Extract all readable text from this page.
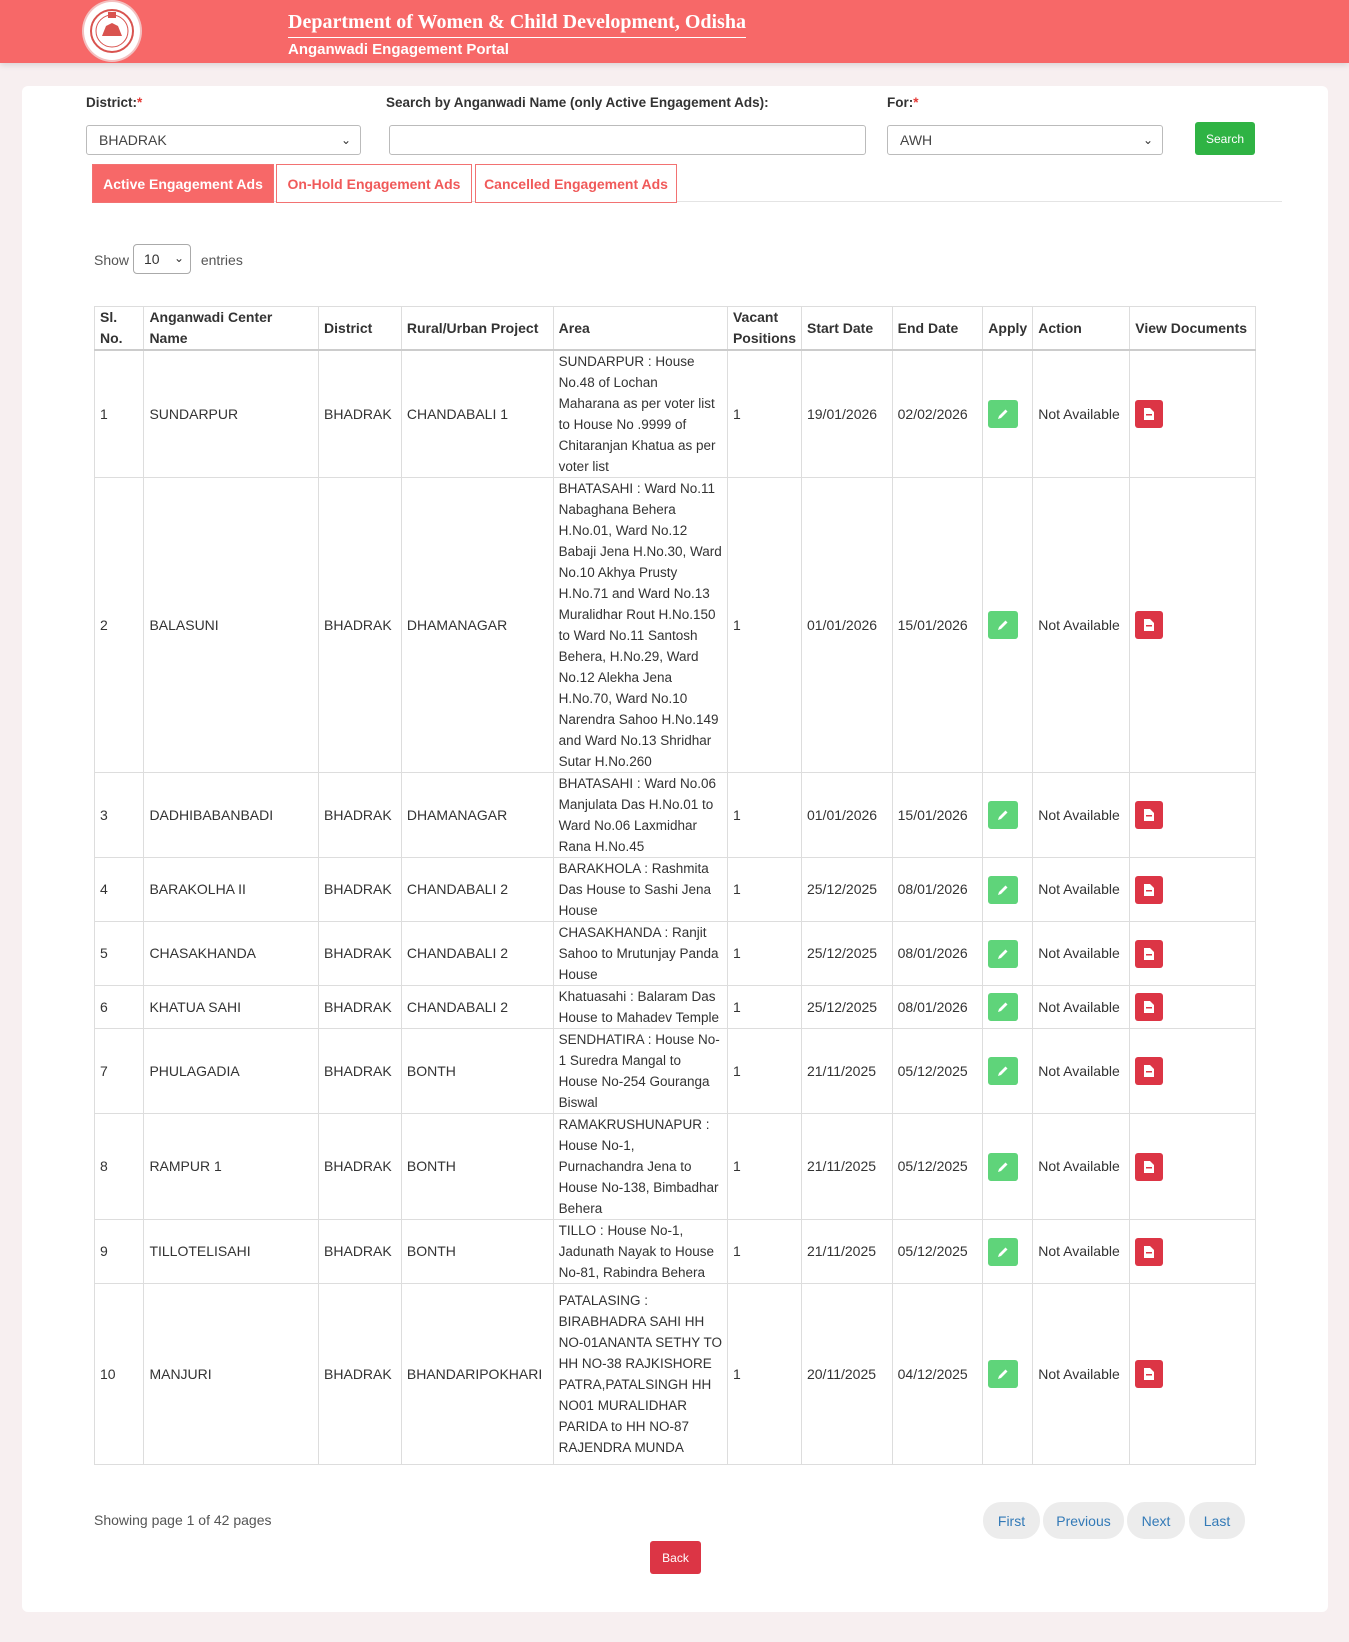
Department of Women & Child Development, Odisha
Anganwadi Engagement Portal
District:*
BHADRAK	⌄
Search by Anganwadi Name (only Active Engagement Ads):	For:*
AWH	⌄	Search
Active Engagement Ads	On-Hold Engagement Ads	Cancelled Engagement Ads
Show	entries
10 ⌄
Sl. No.	Anganwadi Center Name	District	Rural/Urban Project	Area	Vacant Positions	Start Date	End Date	Apply	Action	View Documents
1	SUNDARPUR	BHADRAK	CHANDABALI 1	SUNDARPUR : House No.48 of Lochan Maharana as per voter list to House No .9999 of Chitaranjan Khatua as per voter list	1	19/01/2026	02/02/2026		Not Available	

2	BALASUNI	BHADRAK	DHAMANAGAR	BHATASAHI : Ward No.11 Nabaghana Behera H.No.01, Ward No.12 Babaji Jena H.No.30, Ward No.10 Akhya Prusty H.No.71 and Ward No.13 Muralidhar Rout H.No.150 to Ward No.11 Santosh Behera, H.No.29, Ward No.12 Alekha Jena H.No.70, Ward No.10 Narendra Sahoo H.No.149 and Ward No.13 Shridhar Sutar H.No.260	1	01/01/2026	15/01/2026		Not Available	

3	DADHIBABANBADI	BHADRAK	DHAMANAGAR	BHATASAHI : Ward No.06 Manjulata Das H.No.01 to Ward No.06 Laxmidhar Rana H.No.45	1	01/01/2026	15/01/2026		Not Available	

4	BARAKOLHA II	BHADRAK	CHANDABALI 2	BARAKHOLA : Rashmita Das House to Sashi Jena House	1	25/12/2025	08/01/2026		Not Available	

5	CHASAKHANDA	BHADRAK	CHANDABALI 2	CHASAKHANDA : Ranjit Sahoo to Mrutunjay Panda House	1	25/12/2025	08/01/2026		Not Available	

6	KHATUA SAHI	BHADRAK	CHANDABALI 2	Khatuasahi : Balaram Das House to Mahadev Temple	1	25/12/2025	08/01/2026		Not Available	

7	PHULAGADIA	BHADRAK	BONTH	SENDHATIRA : House No-1 Suredra Mangal to House No-254 Gouranga Biswal	1	21/11/2025	05/12/2025		Not Available	

8	RAMPUR 1	BHADRAK	BONTH	RAMAKRUSHUNAPUR : House No-1, Purnachandra Jena to House No-138, Bimbadhar Behera	1	21/11/2025	05/12/2025		Not Available	

9	TILLOTELISAHI	BHADRAK	BONTH	TILLO : House No-1, Jadunath Nayak to House No-81, Rabindra Behera	1	21/11/2025	05/12/2025		Not Available	

10	MANJURI	BHADRAK	BHANDARIPOKHARI	PATALASING : BIRABHADRA SAHI HH NO-01ANANTA SETHY TO HH NO-38 RAJKISHORE PATRA,PATALSINGH HH NO01 MURALIDHAR PARIDA to HH NO-87 RAJENDRA MUNDA	1	20/11/2025	04/12/2025		Not Available	
Showing page 1 of 42 pages	First	Previous	Next	Last
Back
